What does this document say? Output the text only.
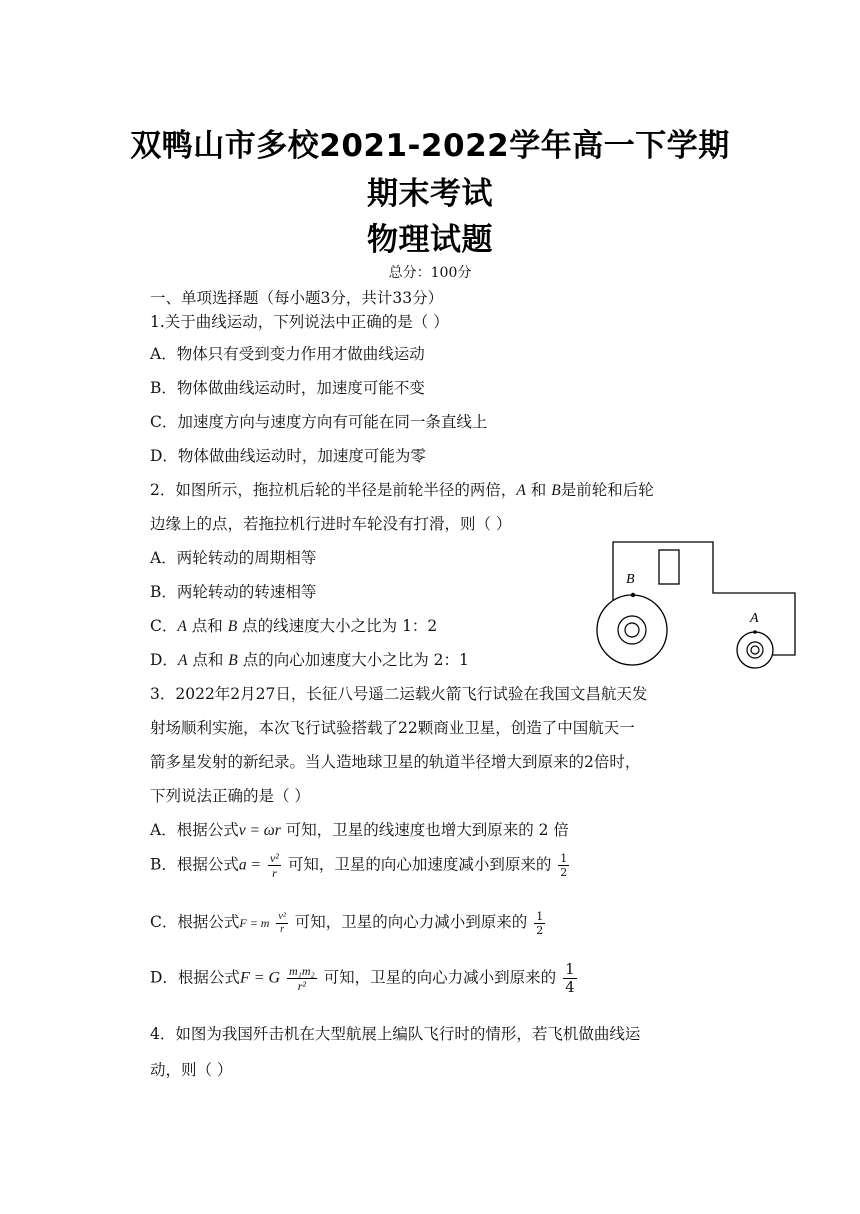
双鸭山市多校2021-2022学年高一下学期
期末考试
物理试题
总分：100分
一、单项选择题（每小题3分，共计33分）
1.关于曲线运动，下列说法中正确的是（ ）
A．物体只有受到变力作用才做曲线运动
B．物体做曲线运动时，加速度可能不变
C．加速度方向与速度方向有可能在同一条直线上
D．物体做曲线运动时，加速度可能为零
2．如图所示，拖拉机后轮的半径是前轮半径的两倍，A 和 B是前轮和后轮
边缘上的点，若拖拉机行进时车轮没有打滑，则（ ）
A．两轮转动的周期相等
B．两轮转动的转速相等
C．A 点和 B 点的线速度大小之比为 1：2
D．A 点和 B 点的向心加速度大小之比为 2：1
B
A
3．2022年2月27日，长征八号遥二运载火箭飞行试验在我国文昌航天发
射场顺利实施，本次飞行试验搭载了22颗商业卫星，创造了中国航天一
箭多星发射的新纪录。当人造地球卫星的轨道半径增大到原来的2倍时，
下列说法正确的是（ ）
A．根据公式v = ωr 可知，卫星的线速度也增大到原来的 2 倍
B．根据公式$a = \frac{\text{v²}}{r}$ 可知，卫星的向心加速度减小到原来的 $\frac{1}{2}$
C．根据公式F = m $\frac{\text{v²}}{r}$ 可知，卫星的向心力减小到原来的 $\frac{1}{2}$
D．根据公式F = G $\frac{\text{m₁m₂}}{\text{r²}}$ 可知，卫星的向心力减小到原来的 $\frac{1}{4}$
4．如图为我国歼击机在大型航展上编队飞行时的情形，若飞机做曲线运
动，则（ ）
